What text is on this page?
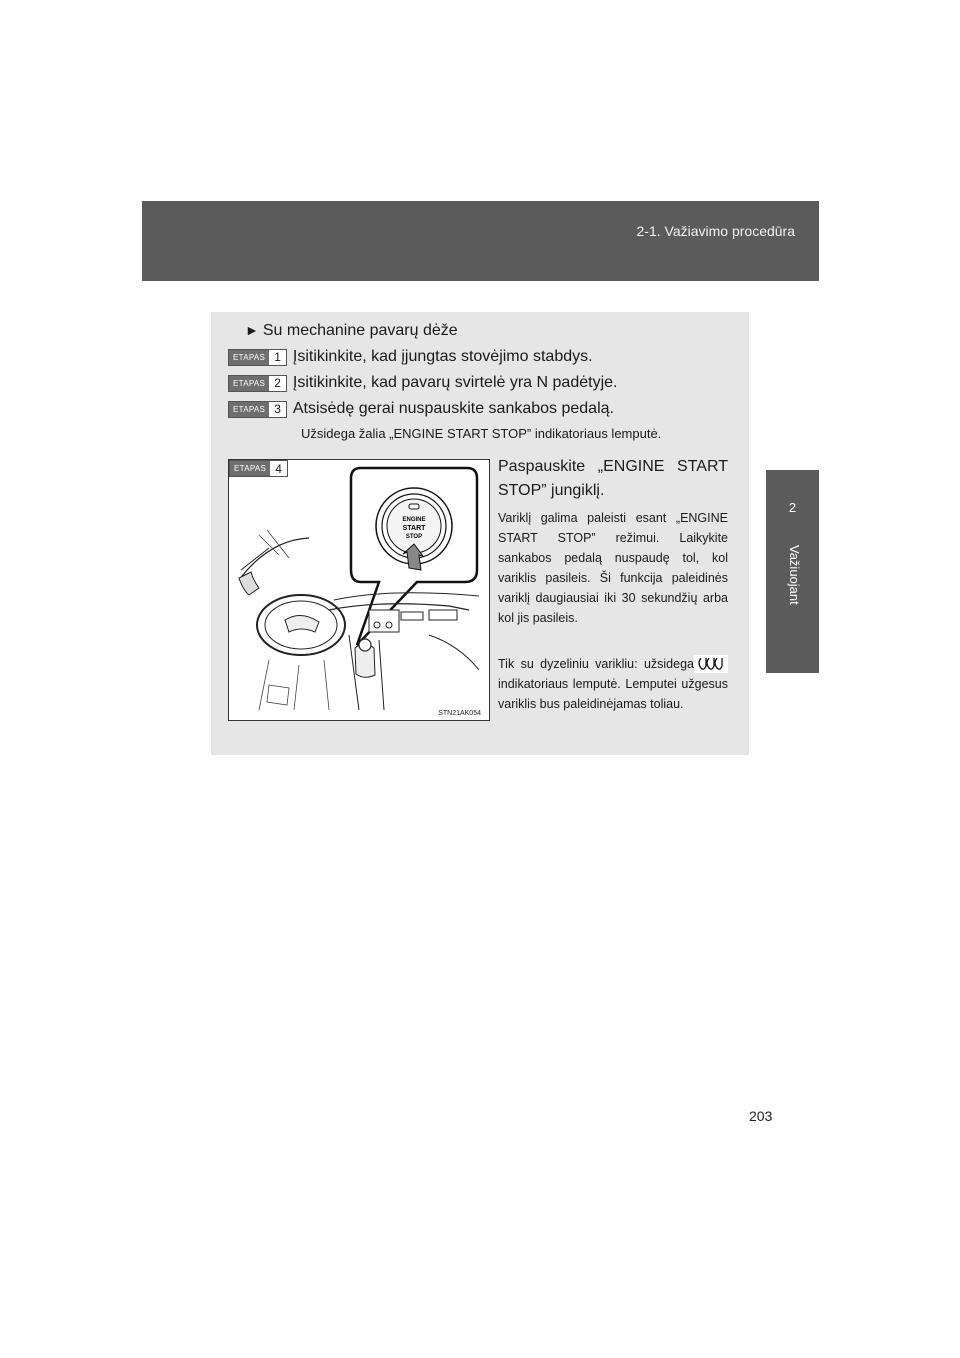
2-1. Važiavimo procedūra
2
Važiuojant
► Su mechanine pavarų dėže
ETAPAS 1 Įsitikinkite, kad įjungtas stovėjimo stabdys.
ETAPAS 2 Įsitikinkite, kad pavarų svirtelė yra N padėtyje.
ETAPAS 3 Atsisėdę gerai nuspauskite sankabos pedalą.
Užsidega žalia „ENGINE START STOP” indikatoriaus lemputė.
ETAPAS 4
ENGINE
START
STOP
STN21AK054
Paspauskite „ENGINE START STOP” jungiklį.
Variklį galima paleisti esant „ENGINE START STOP” režimui. Laikykite sankabos pedalą nuspaudę tol, kol variklis pasileis. Ši funkcija paleidinės variklį daugiausiai iki 30 sekundžių arba kol jis pasileis.
Tik su dyzeliniu varikliu: užsidega indikatoriaus lemputė. Lemputei užgesus variklis bus paleidinėjamas toliau.
203
